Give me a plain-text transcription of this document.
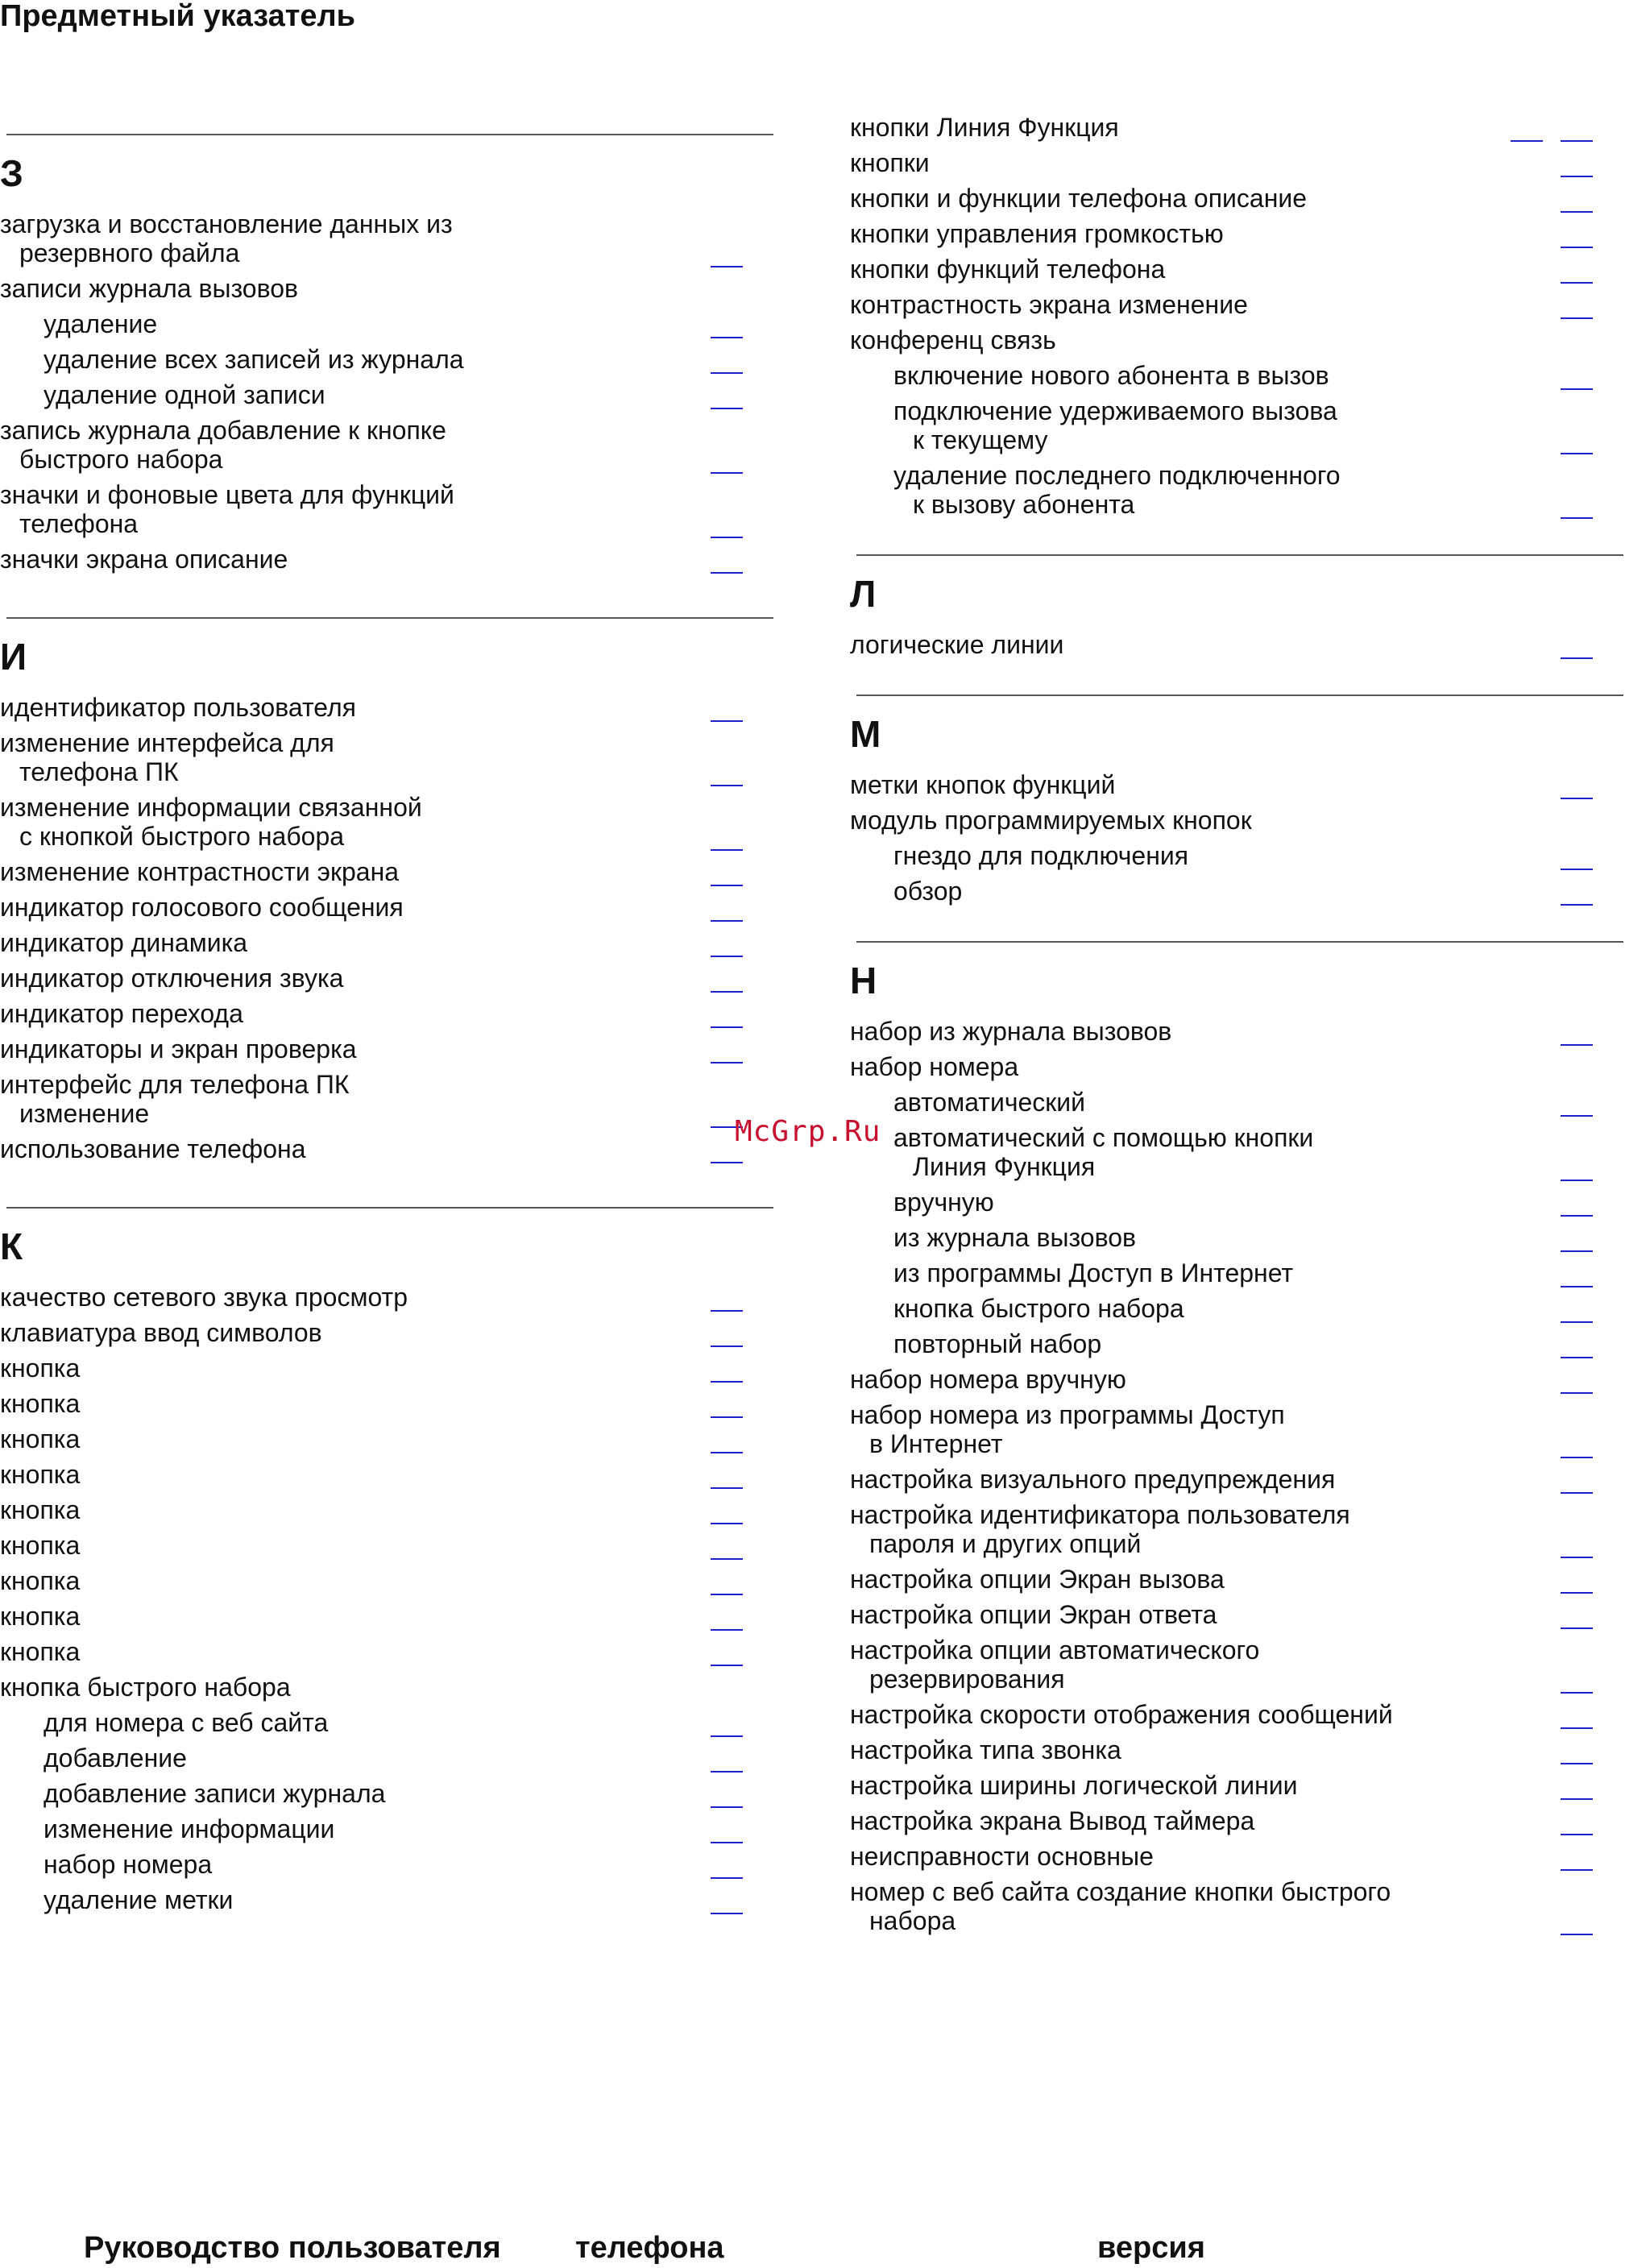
Предметный указатель
З
загрузка и восстановление данных из
резервного файла
записи журнала вызовов
удаление
удаление всех записей из журнала
удаление одной записи
запись журнала добавление к кнопке
быстрого набора
значки и фоновые цвета для функций
телефона
значки экрана описание
И
идентификатор пользователя
изменение интерфейса для
телефона ПК
изменение информации связанной
с кнопкой быстрого набора
изменение контрастности экрана
индикатор голосового сообщения
индикатор динамика
индикатор отключения звука
индикатор перехода
индикаторы и экран проверка
интерфейс для телефона ПК
изменение
использование телефона
К
качество сетевого звука просмотр
клавиатура ввод символов
кнопка
кнопка
кнопка
кнопка
кнопка
кнопка
кнопка
кнопка
кнопка
кнопка быстрого набора
для номера с веб сайта
добавление
добавление записи журнала
изменение информации
набор номера
удаление метки
кнопки Линия Функция
кнопки
кнопки и функции телефона описание
кнопки управления громкостью
кнопки функций телефона
контрастность экрана изменение
конференц связь
включение нового абонента в вызов
подключение удерживаемого вызова
к текущему
удаление последнего подключенного
к вызову абонента
Л
логические линии
М
метки кнопок функций
модуль программируемых кнопок
гнездо для подключения
обзор
Н
набор из журнала вызовов
набор номера
автоматический
автоматический с помощью кнопки
Линия Функция
вручную
из журнала вызовов
из программы Доступ в Интернет
кнопка быстрого набора
повторный набор
набор номера вручную
набор номера из программы Доступ
в Интернет
настройка визуального предупреждения
настройка идентификатора пользователя
пароля и других опций
настройка опции Экран вызова
настройка опции Экран ответа
настройка опции автоматического
резервирования
настройка скорости отображения сообщений
настройка типа звонка
настройка ширины логической линии
настройка экрана Вывод таймера
неисправности основные
номер с веб сайта создание кнопки быстрого
набора
McGrp.Ru
Руководство пользователя телефона	версия
